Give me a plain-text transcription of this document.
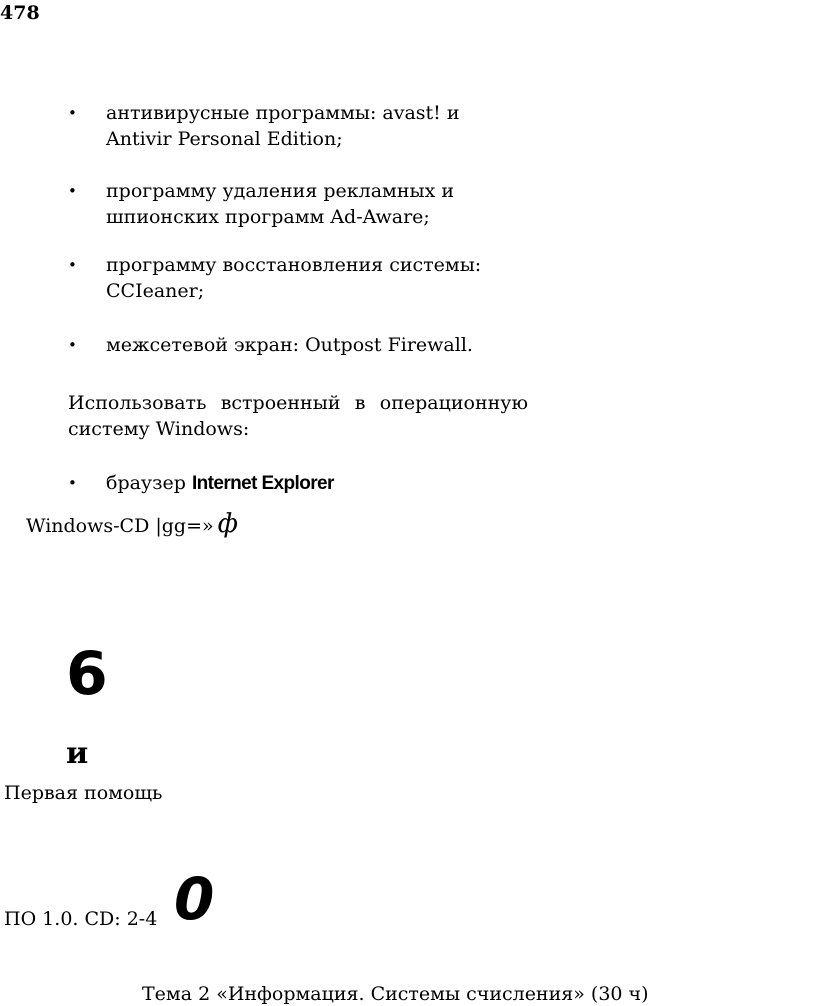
478
• антивирусные программы: avast! и
Antivir Personal Edition;
• программу удаления рекламных и
шпионских программ Ad-Aware;
• программу восстановления системы:
CCIeaner;
• межсетевой экран: Outpost Firewall.
Использовать встроенный в операционную
систему Windows:
• браузер Internet Explorer
Windows-CD |gg=» ф
6
и
Первая помощь
ПО 1.0. CD: 2-4 0
Тема 2 «Информация. Системы счисления» (30 ч)
